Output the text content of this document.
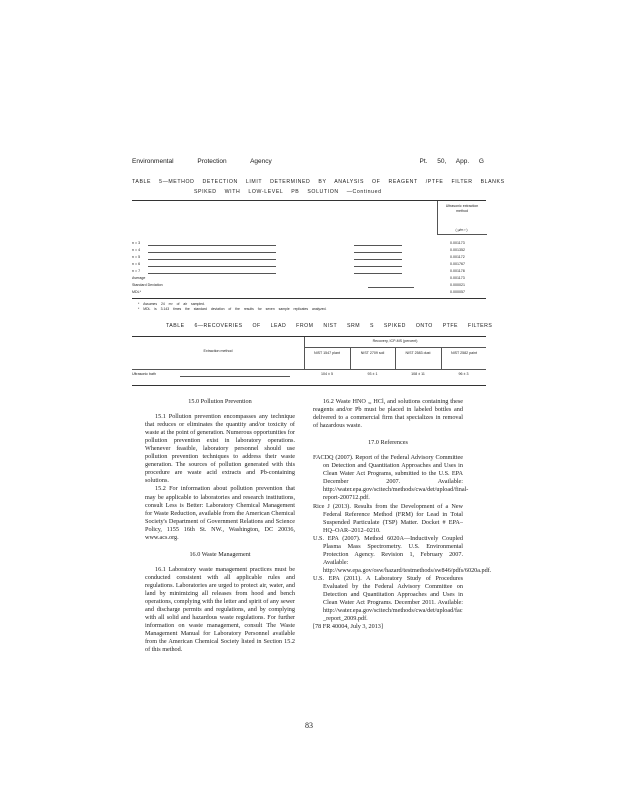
Environmental Protection Agency	Pt. 50, App. G
TABLE 5—METHOD DETECTION LIMIT DETERMINED BY ANALYSIS OF REAGENT /PTFE FILTER BLANKS
SPIKED WITH LOW-LEVEL PB SOLUTION —Continued
Ultrasonic extraction method
( µ/m ³ )
n = 3	0.001173
n = 4	0.001352
n = 5	0.001172
n = 6	0.001767
n = 7	0.001178
Average	0.001173
Standard Deviation	0.000021
MDL*	0.000057
* Assumes 24 m³ of air sampled.
* MDL is 3.143 times the standard deviation of the results for seven sample replicates analyzed.
TABLE 6—RECOVERIES OF LEAD FROM NIST SRM S SPIKED ONTO PTFE FILTERS
Extraction method
Recovery, ICP-MS (percent)
NIST 1547 plant	NIST 2709 soil	NIST 2583 dust	NIST 2582 paint
Ultrasonic bath	104 ± 5	93 ± 1	108 ± 11	96 ± 3

15.0 Pollution Prevention

15.1 Pollution prevention encompasses any technique that reduces or eliminates the quantity and/or toxicity of waste at the point of generation. Numerous opportunities for pollution prevention exist in laboratory operations. Whenever feasible, laboratory personnel should use pollution prevention techniques to address their waste generation. The sources of pollution generated with this procedure are waste acid extracts and Pb-containing solutions.

15.2 For information about pollution prevention that may be applicable to laboratories and research institutions, consult Less is Better: Laboratory Chemical Management for Waste Reduction, available from the American Chemical Society's Department of Government Relations and Science Policy, 1155 16th St. NW., Washington, DC 20036, www.acs.org.

16.0 Waste Management

16.1 Laboratory waste management practices must be conducted consistent with all applicable rules and regulations. Laboratories are urged to protect air, water, and land by minimizing all releases from hood and bench operations, complying with the letter and spirit of any sewer and discharge permits and regulations, and by complying with all solid and hazardous waste regulations. For further information on waste management, consult The Waste Management Manual for Laboratory Personnel available from the American Chemical Society listed in Section 15.2 of this method.

16.2 Waste HNO ₃, HCl, and solutions containing these reagents and/or Pb must be placed in labeled bottles and delivered to a commercial firm that specializes in removal of hazardous waste.

17.0 References

FACDQ (2007). Report of the Federal Advisory Committee on Detection and Quantitation Approaches and Uses in Clean Water Act Programs, submitted to the U.S. EPA December 2007. Available: http://water.epa.gov/scitech/methods/cwa/det/upload/final-report-200712.pdf.

Rice J (2013). Results from the Development of a New Federal Reference Method (FRM) for Lead in Total Suspended Particulate (TSP) Matter. Docket # EPA–HQ–OAR–2012–0210.

U.S. EPA (2007). Method 6020A—Inductively Coupled Plasma Mass Spectrometry. U.S. Environmental Protection Agency. Revision 1, February 2007. Available: http://www.epa.gov/osw/hazard/testmethods/sw846/pdfs/6020a.pdf.

U.S. EPA (2011). A Laboratory Study of Procedures Evaluated by the Federal Advisory Committee on Detection and Quantitation Approaches and Uses in Clean Water Act Programs. December 2011. Available: http://water.epa.gov/scitech/methods/cwa/det/upload/fac _report_2009.pdf.

[78 FR 40004, July 3, 2013]

83
